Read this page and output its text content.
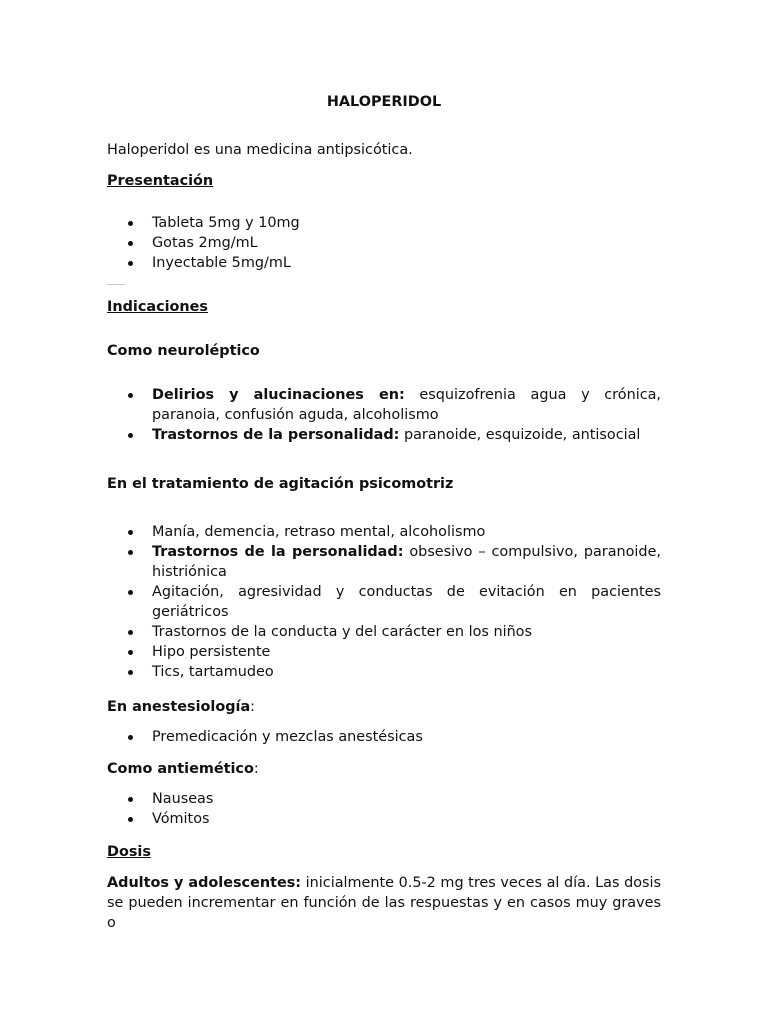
HALOPERIDOL
Haloperidol es una medicina antipsicótica.
Presentación
Tableta 5mg y 10mg
Gotas 2mg/mL
Inyectable 5mg/mL
Indicaciones
Como neuroléptico
Delirios y alucinaciones en: esquizofrenia agua y crónica, paranoia, confusión aguda, alcoholismo
Trastornos de la personalidad: paranoide, esquizoide, antisocial
En el tratamiento de agitación psicomotriz
Manía, demencia, retraso mental, alcoholismo
Trastornos de la personalidad: obsesivo – compulsivo, paranoide, histriónica
Agitación, agresividad y conductas de evitación en pacientes geriátricos
Trastornos de la conducta y del carácter en los niños
Hipo persistente
Tics, tartamudeo
En anestesiología:
Premedicación y mezclas anestésicas
Como antiemético:
Nauseas
Vómitos
Dosis
Adultos y adolescentes: inicialmente 0.5-2 mg tres veces al día. Las dosis se pueden incrementar en función de las respuestas y en casos muy graves o
